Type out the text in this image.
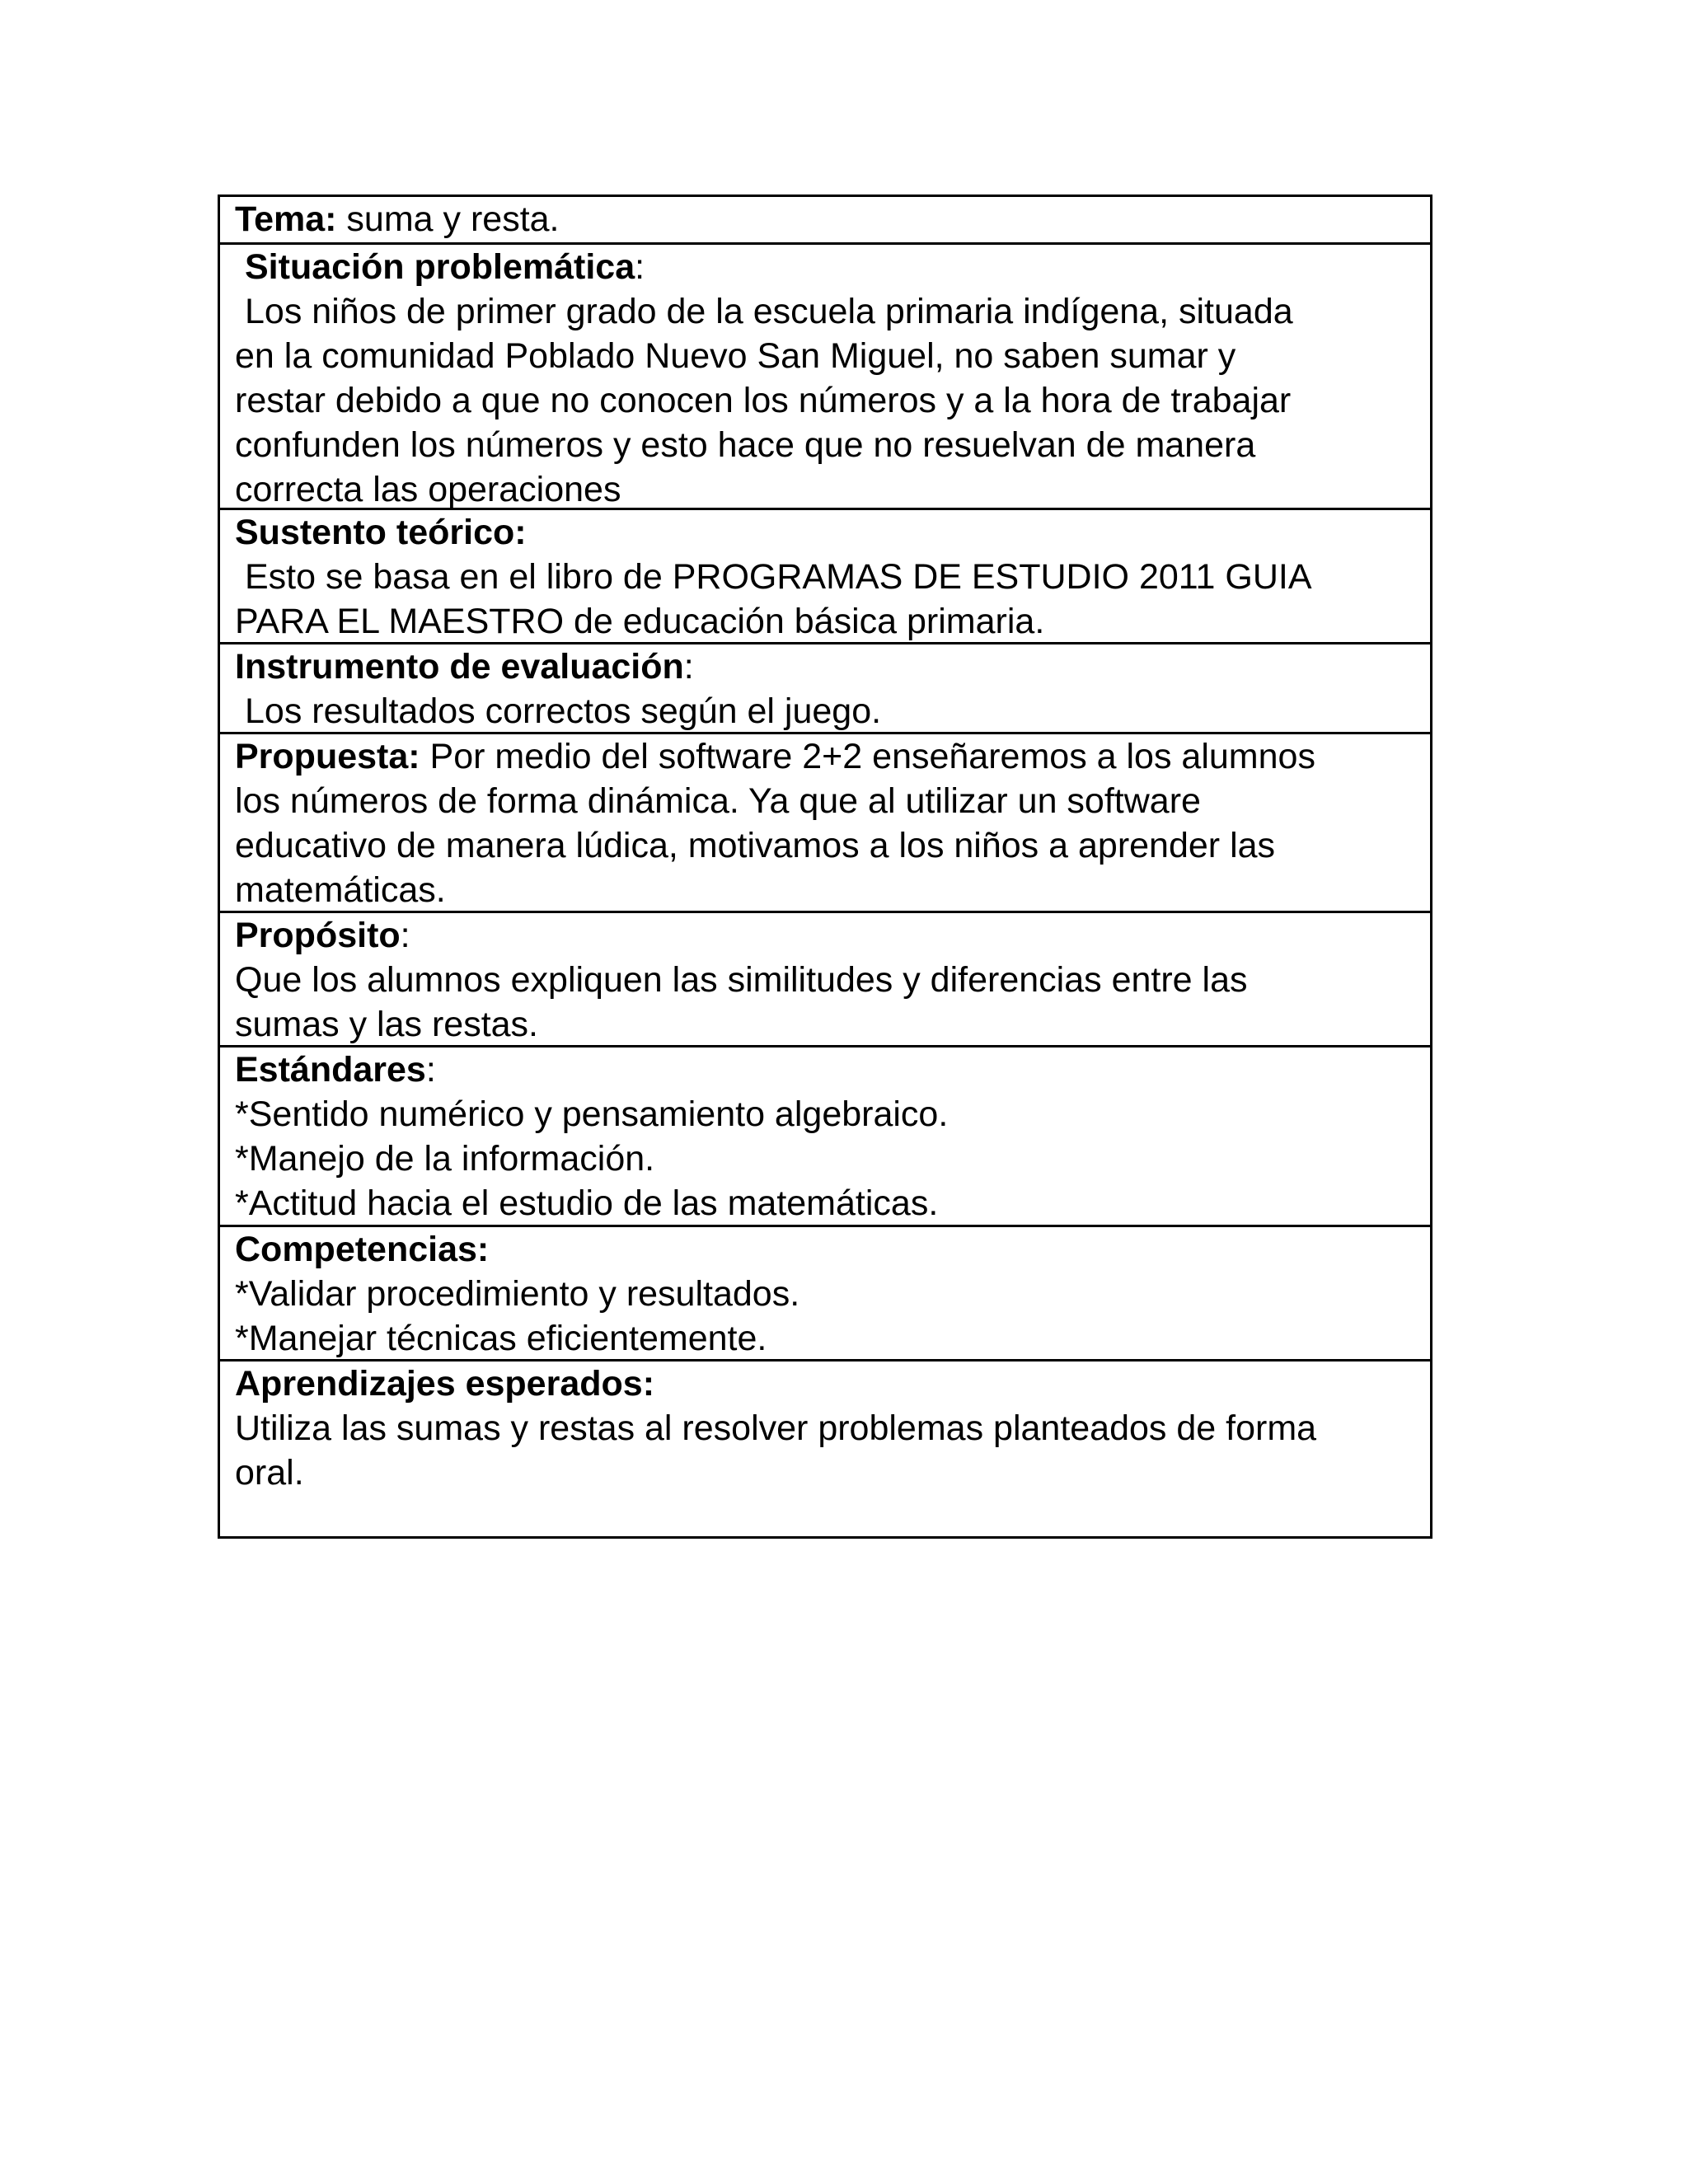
Tema: suma y resta.
Situación problemática:
Los niños de primer grado de la escuela primaria indígena, situada
en la comunidad Poblado Nuevo San Miguel, no saben sumar y
restar debido a que no conocen los números y a la hora de trabajar
confunden los números y esto hace que no resuelvan de manera
correcta las operaciones
Sustento teórico:
Esto se basa en el libro de PROGRAMAS DE ESTUDIO 2011 GUIA
PARA EL MAESTRO de educación básica primaria.
Instrumento de evaluación:
Los resultados correctos según el juego.
Propuesta: Por medio del software 2+2 enseñaremos a los alumnos
los números de forma dinámica. Ya que al utilizar un software
educativo de manera lúdica, motivamos a los niños a aprender las
matemáticas.
Propósito:
Que los alumnos expliquen las similitudes y diferencias entre las
sumas y las restas.
Estándares:
*Sentido numérico y pensamiento algebraico.
*Manejo de la información.
*Actitud hacia el estudio de las matemáticas.
Competencias:
*Validar procedimiento y resultados.
*Manejar técnicas eficientemente.
Aprendizajes esperados:
Utiliza las sumas y restas al resolver problemas planteados de forma
oral.
